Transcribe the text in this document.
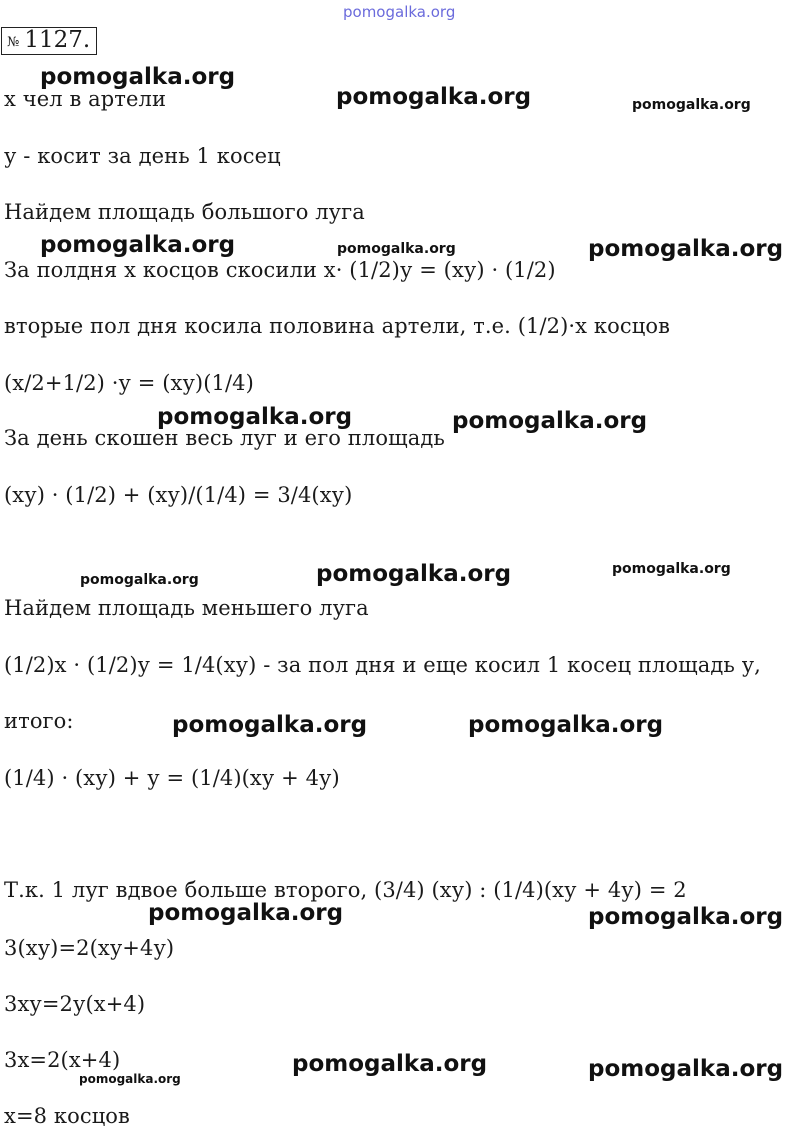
pomogalka.org
№ 1127.
х чел в артели
у - косит за день 1 косец
Найдем площадь большого луга
За полдня х косцов скосили х· (1/2)у = (ху) · (1/2)
вторые пол дня косила половина артели, т.е. (1/2)·х косцов
(х/2+1/2) ·у = (ху)(1/4)
За день скошен весь луг и его площадь
(ху) · (1/2) + (ху)/(1/4) = 3/4(ху)
Найдем площадь меньшего луга
(1/2)х · (1/2)у = 1/4(ху) - за пол дня и еще косил 1 косец площадь у,
итого:
(1/4) · (ху) + у = (1/4)(ху + 4у)
Т.к. 1 луг вдвое больше второго, (3/4) (ху) : (1/4)(ху + 4у) = 2
3(ху)=2(ху+4у)
3ху=2у(х+4)
3х=2(х+4)
х=8 косцов
pomogalka.org
pomogalka.org	pomogalka.org
pomogalka.org	pomogalka.org	pomogalka.org
pomogalka.org	pomogalka.org
pomogalka.org	pomogalka.org	pomogalka.org
pomogalka.org	pomogalka.org
pomogalka.org	pomogalka.org
pomogalka.org	pomogalka.org
pomogalka.org
